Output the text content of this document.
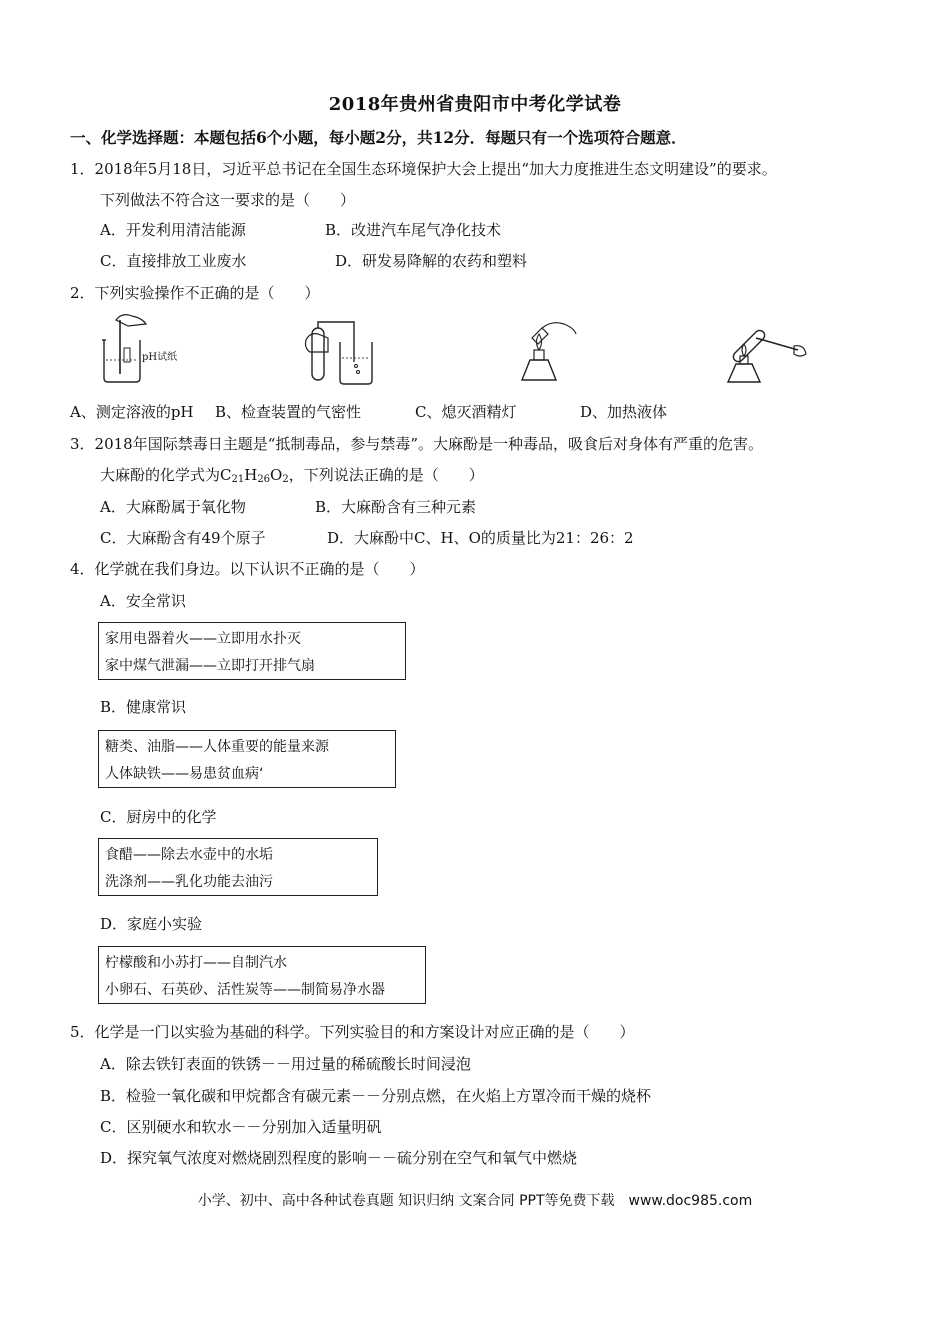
2018年贵州省贵阳市中考化学试卷
一、化学选择题：本题包括6个小题，每小题2分，共12分．每题只有一个选项符合题意．
1．2018年5月18日，习近平总书记在全国生态环境保护大会上提出“加大力度推进生态文明建设”的要求。
下列做法不符合这一要求的是（　　）
A．开发利用清洁能源	B．改进汽车尾气净化技术
C．直接排放工业废水	D．研发易降解的农药和塑料
2．下列实验操作不正确的是（　　）
pH试纸
A、测定溶液的pH B、检查装置的气密性	C、熄灭酒精灯	D、加热液体
3．2018年国际禁毒日主题是“抵制毒品，参与禁毒”。大麻酚是一种毒品，吸食后对身体有严重的危害。
大麻酚的化学式为$C_{21}H_{26}O_2$，下列说法正确的是（　　）
A．大麻酚属于氧化物	B．大麻酚含有三种元素
C．大麻酚含有49个原子	D．大麻酚中C、H、O的质量比为21：26：2
4．化学就在我们身边。以下认识不正确的是（　　）
A．安全常识
家用电器着火——立即用水扑灭
家中煤气泄漏——立即打开排气扇
B．健康常识
糖类、油脂——人体重要的能量来源
人体缺铁——易患贫血病‘
C．厨房中的化学
食醋——除去水壶中的水垢
洗涤剂——乳化功能去油污
D．家庭小实验
柠檬酸和小苏打——自制汽水
小卵石、石英砂、活性炭等——制简易净水器
5．化学是一门以实验为基础的科学。下列实验目的和方案设计对应正确的是（　　）
A．除去铁钉表面的铁锈－－用过量的稀硫酸长时间浸泡
B．检验一氧化碳和甲烷都含有碳元素－－分别点燃，在火焰上方罩冷而干燥的烧杯
C．区别硬水和软水－－分别加入适量明矾
D．探究氧气浓度对燃烧剧烈程度的影响－－硫分别在空气和氧气中燃烧
小学、初中、高中各种试卷真题 知识归纳 文案合同 PPT等免费下载　www.doc985.com
